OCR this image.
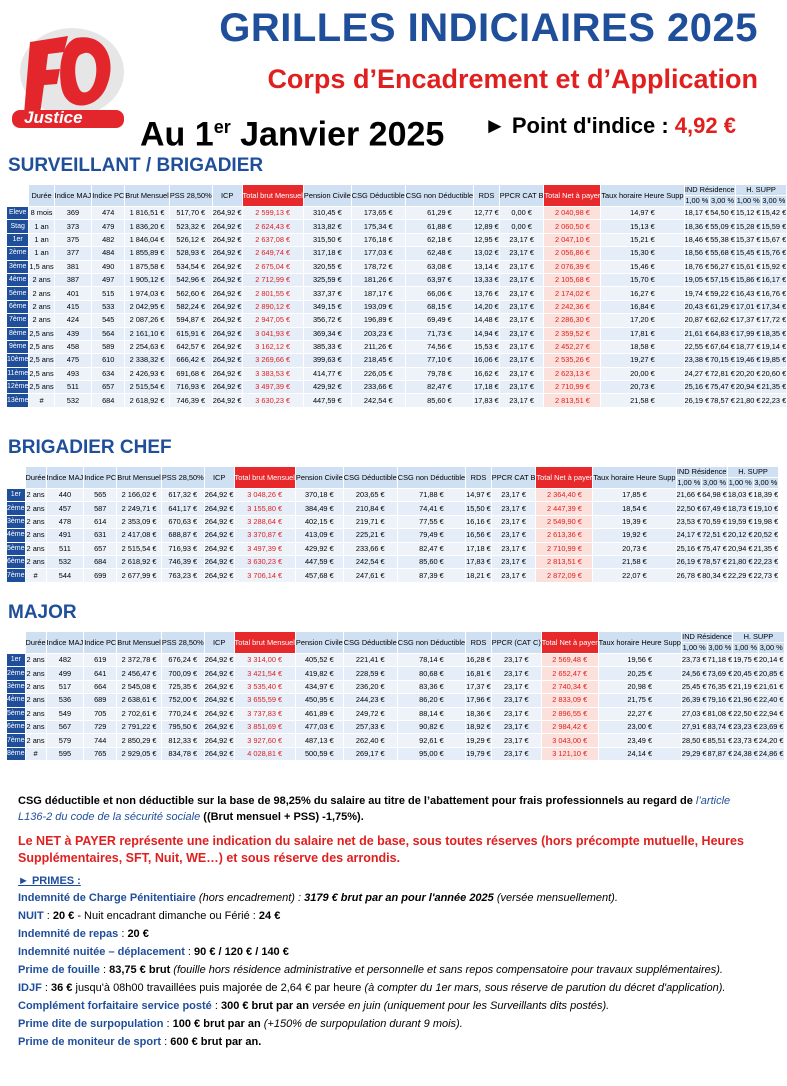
Justice
GRILLES INDICIAIRES 2025
Corps d’Encadrement et d’Application
Au 1er Janvier 2025 ► Point d'indice : 4,92 €
SURVEILLANT / BRIGADIER
	Durée	Indice MAJ	Indice PC	Brut Mensuel	PSS 28,50%	ICP	Total brut Mensuel	Pension Civile	CSG Déductible	CSG non Déductible	RDS	PPCR CAT B	Total Net à payer	Taux horaire Heure Supp	IND Résidence		H. SUPP	
															1,00 %	3,00 %	1,00 %	3,00 %
Eleve	8 mois	369	474	1 816,51 €	517,70 €	264,92 €	2 599,13 €	310,45 €	173,65 €	61,29 €	12,77 €	0,00 €	2 040,98 €	14,97 €	18,17 €	54,50 €	15,12 €	15,42 €
Stag	1 an	373	479	1 836,20 €	523,32 €	264,92 €	2 624,43 €	313,82 €	175,34 €	61,88 €	12,89 €	0,00 €	2 060,50 €	15,13 €	18,36 €	55,09 €	15,28 €	15,59 €
1er	1 an	375	482	1 846,04 €	526,12 €	264,92 €	2 637,08 €	315,50 €	176,18 €	62,18 €	12,95 €	23,17 €	2 047,10 €	15,21 €	18,46 €	55,38 €	15,37 €	15,67 €
2ème	1 an	377	484	1 855,89 €	528,93 €	264,92 €	2 649,74 €	317,18 €	177,03 €	62,48 €	13,02 €	23,17 €	2 056,86 €	15,30 €	18,56 €	55,68 €	15,45 €	15,76 €
3ème	1,5 ans	381	490	1 875,58 €	534,54 €	264,92 €	2 675,04 €	320,55 €	178,72 €	63,08 €	13,14 €	23,17 €	2 076,39 €	15,46 €	18,76 €	56,27 €	15,61 €	15,92 €
4ème	2 ans	387	497	1 905,12 €	542,96 €	264,92 €	2 712,99 €	325,59 €	181,26 €	63,97 €	13,33 €	23,17 €	2 105,68 €	15,70 €	19,05 €	57,15 €	15,86 €	16,17 €
5ème	2 ans	401	515	1 974,03 €	562,60 €	264,92 €	2 801,55 €	337,37 €	187,17 €	66,06 €	13,76 €	23,17 €	2 174,02 €	16,27 €	19,74 €	59,22 €	16,43 €	16,76 €
6ème	2 ans	415	533	2 042,95 €	582,24 €	264,92 €	2 890,12 €	349,15 €	193,09 €	68,15 €	14,20 €	23,17 €	2 242,36 €	16,84 €	20,43 €	61,29 €	17,01 €	17,34 €
7ème	2 ans	424	545	2 087,26 €	594,87 €	264,92 €	2 947,05 €	356,72 €	196,89 €	69,49 €	14,48 €	23,17 €	2 286,30 €	17,20 €	20,87 €	62,62 €	17,37 €	17,72 €
8ème	2,5 ans	439	564	2 161,10 €	615,91 €	264,92 €	3 041,93 €	369,34 €	203,23 €	71,73 €	14,94 €	23,17 €	2 359,52 €	17,81 €	21,61 €	64,83 €	17,99 €	18,35 €
9ème	2,5 ans	458	589	2 254,63 €	642,57 €	264,92 €	3 162,12 €	385,33 €	211,26 €	74,56 €	15,53 €	23,17 €	2 452,27 €	18,58 €	22,55 €	67,64 €	18,77 €	19,14 €
10ème	2,5 ans	475	610	2 338,32 €	666,42 €	264,92 €	3 269,66 €	399,63 €	218,45 €	77,10 €	16,06 €	23,17 €	2 535,26 €	19,27 €	23,38 €	70,15 €	19,46 €	19,85 €
11ème	2,5 ans	493	634	2 426,93 €	691,68 €	264,92 €	3 383,53 €	414,77 €	226,05 €	79,78 €	16,62 €	23,17 €	2 623,13 €	20,00 €	24,27 €	72,81 €	20,20 €	20,60 €
12ème	2,5 ans	511	657	2 515,54 €	716,93 €	264,92 €	3 497,39 €	429,92 €	233,66 €	82,47 €	17,18 €	23,17 €	2 710,99 €	20,73 €	25,16 €	75,47 €	20,94 €	21,35 €
13ème	#	532	684	2 618,92 €	746,39 €	264,92 €	3 630,23 €	447,59 €	242,54 €	85,60 €	17,83 €	23,17 €	2 813,51 €	21,58 €	26,19 €	78,57 €	21,80 €	22,23 €
BRIGADIER CHEF
	Durée	Indice MAJ	Indice PC	Brut Mensuel	PSS 28,50%	ICP	Total brut Mensuel	Pension Civile	CSG Déductible	CSG non Déductible	RDS	PPCR CAT B	Total Net à payer	Taux horaire Heure Supp	IND Résidence		H. SUPP	
															1,00 %	3,00 %	1,00 %	3,00 %
1er	2 ans	440	565	2 166,02 €	617,32 €	264,92 €	3 048,26 €	370,18 €	203,65 €	71,88 €	14,97 €	23,17 €	2 364,40 €	17,85 €	21,66 €	64,98 €	18,03 €	18,39 €
2ème	2 ans	457	587	2 249,71 €	641,17 €	264,92 €	3 155,80 €	384,49 €	210,84 €	74,41 €	15,50 €	23,17 €	2 447,39 €	18,54 €	22,50 €	67,49 €	18,73 €	19,10 €
3ème	2 ans	478	614	2 353,09 €	670,63 €	264,92 €	3 288,64 €	402,15 €	219,71 €	77,55 €	16,16 €	23,17 €	2 549,90 €	19,39 €	23,53 €	70,59 €	19,59 €	19,98 €
4ème	2 ans	491	631	2 417,08 €	688,87 €	264,92 €	3 370,87 €	413,09 €	225,21 €	79,49 €	16,56 €	23,17 €	2 613,36 €	19,92 €	24,17 €	72,51 €	20,12 €	20,52 €
5ème	2 ans	511	657	2 515,54 €	716,93 €	264,92 €	3 497,39 €	429,92 €	233,66 €	82,47 €	17,18 €	23,17 €	2 710,99 €	20,73 €	25,16 €	75,47 €	20,94 €	21,35 €
6ème	2 ans	532	684	2 618,92 €	746,39 €	264,92 €	3 630,23 €	447,59 €	242,54 €	85,60 €	17,83 €	23,17 €	2 813,51 €	21,58 €	26,19 €	78,57 €	21,80 €	22,23 €
7ème	#	544	699	2 677,99 €	763,23 €	264,92 €	3 706,14 €	457,68 €	247,61 €	87,39 €	18,21 €	23,17 €	2 872,09 €	22,07 €	26,78 €	80,34 €	22,29 €	22,73 €
MAJOR
	Durée	Indice MAJ	Indice PC	Brut Mensuel	PSS 28,50%	ICP	Total brut Mensuel	Pension Civile	CSG Déductible	CSG non Déductible	RDS	PPCR (CAT C)	Total Net à payer	Taux horaire Heure Supp	IND Résidence		H. SUPP	
															1,00 %	3,00 %	1,00 %	3,00 %
1er	2 ans	482	619	2 372,78 €	676,24 €	264,92 €	3 314,00 €	405,52 €	221,41 €	78,14 €	16,28 €	23,17 €	2 569,48 €	19,56 €	23,73 €	71,18 €	19,75 €	20,14 €
2ème	2 ans	499	641	2 456,47 €	700,09 €	264,92 €	3 421,54 €	419,82 €	228,59 €	80,68 €	16,81 €	23,17 €	2 652,47 €	20,25 €	24,56 €	73,69 €	20,45 €	20,85 €
3ème	2 ans	517	664	2 545,08 €	725,35 €	264,92 €	3 535,40 €	434,97 €	236,20 €	83,36 €	17,37 €	23,17 €	2 740,34 €	20,98 €	25,45 €	76,35 €	21,19 €	21,61 €
4ème	2 ans	536	689	2 638,61 €	752,00 €	264,92 €	3 655,59 €	450,95 €	244,23 €	86,20 €	17,96 €	23,17 €	2 833,09 €	21,75 €	26,39 €	79,16 €	21,96 €	22,40 €
5ème	2 ans	549	705	2 702,61 €	770,24 €	264,92 €	3 737,83 €	461,89 €	249,72 €	88,14 €	18,36 €	23,17 €	2 896,55 €	22,27 €	27,03 €	81,08 €	22,50 €	22,94 €
6ème	2 ans	567	729	2 791,22 €	795,50 €	264,92 €	3 851,69 €	477,03 €	257,33 €	90,82 €	18,92 €	23,17 €	2 984,42 €	23,00 €	27,91 €	83,74 €	23,23 €	23,69 €
7ème	2 ans	579	744	2 850,29 €	812,33 €	264,92 €	3 927,60 €	487,13 €	262,40 €	92,61 €	19,29 €	23,17 €	3 043,00 €	23,49 €	28,50 €	85,51 €	23,73 €	24,20 €
8ème	#	595	765	2 929,05 €	834,78 €	264,92 €	4 028,81 €	500,59 €	269,17 €	95,00 €	19,79 €	23,17 €	3 121,10 €	24,14 €	29,29 €	87,87 €	24,38 €	24,86 €
CSG déductible et non déductible sur la base de 98,25% du salaire au titre de l’abattement pour frais professionnels au regard de l’article L136-2 du code de la sécurité sociale ((Brut mensuel + PSS) -1,75%).
Le NET à PAYER représente une indication du salaire net de base, sous toutes réserves (hors précompte mutuelle, Heures Supplémentaires, SFT, Nuit, WE…) et sous réserve des arrondis.
► PRIMES :
Indemnité de Charge Pénitentiaire (hors encadrement) : 3179 € brut par an pour l'année 2025 (versée mensuellement).
NUIT : 20 € - Nuit encadrant dimanche ou Férié : 24 €
Indemnité de repas : 20 €
Indemnité nuitée – déplacement : 90 € / 120 € / 140 €
Prime de fouille : 83,75 € brut (fouille hors résidence administrative et personnelle et sans repos compensatoire pour travaux supplémentaires).
IDJF : 36 € jusqu'à 08h00 travaillées puis majorée de 2,64 € par heure (à compter du 1er mars, sous réserve de parution du décret d'application).
Complément forfaitaire service posté : 300 € brut par an versée en juin (uniquement pour les Surveillants dits postés).
Prime dite de surpopulation : 100 € brut par an (+150% de surpopulation durant 9 mois).
Prime de moniteur de sport : 600 € brut par an.
